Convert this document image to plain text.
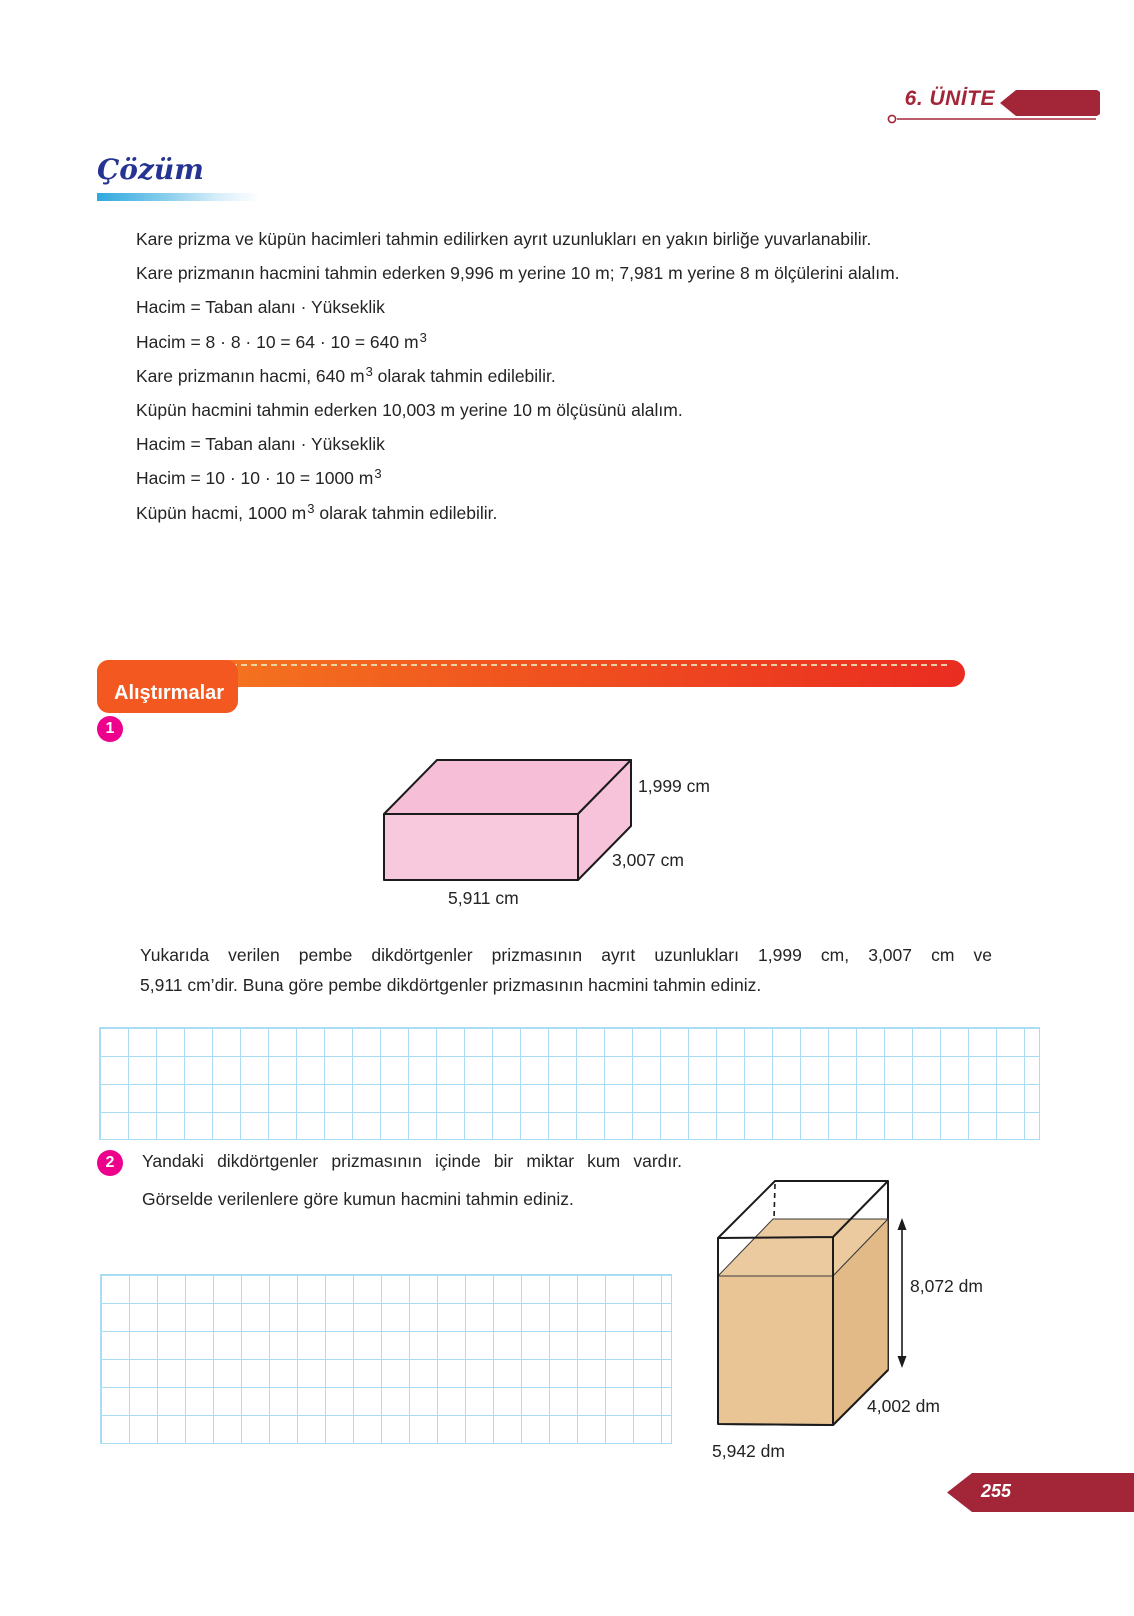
6. ÜNİTE
Çözüm
Kare prizma ve küpün hacimleri tahmin edilirken ayrıt uzunlukları en yakın birliğe yuvarlanabilir.
Kare prizmanın hacmini tahmin ederken 9,996 m yerine 10 m; 7,981 m yerine 8 m ölçülerini alalım.
Hacim = Taban alanı · Yükseklik
Hacim = 8 · 8 · 10 = 64 · 10 = 640 $m^3$
Kare prizmanın hacmi, 640 $m^3$ olarak tahmin edilebilir.
Küpün hacmini tahmin ederken 10,003 m yerine 10 m ölçüsünü alalım.
Hacim = Taban alanı · Yükseklik
Hacim = 10 · 10 · 10 = 1000 $m^3$
Küpün hacmi, 1000 $m^3$ olarak tahmin edilebilir.
Alıştırmalar
1
1,999 cm
3,007 cm
5,911 cm
Yukarıda verilen pembe dikdörtgenler prizmasının ayrıt uzunlukları 1,999 cm, 3,007 cm ve
5,911 cm’dir. Buna göre pembe dikdörtgenler prizmasının hacmini tahmin ediniz.
2	Yandaki dikdörtgenler prizmasının içinde bir miktar kum vardır.
Görselde verilenlere göre kumun hacmini tahmin ediniz.
8,072 dm
4,002 dm
5,942 dm
255
